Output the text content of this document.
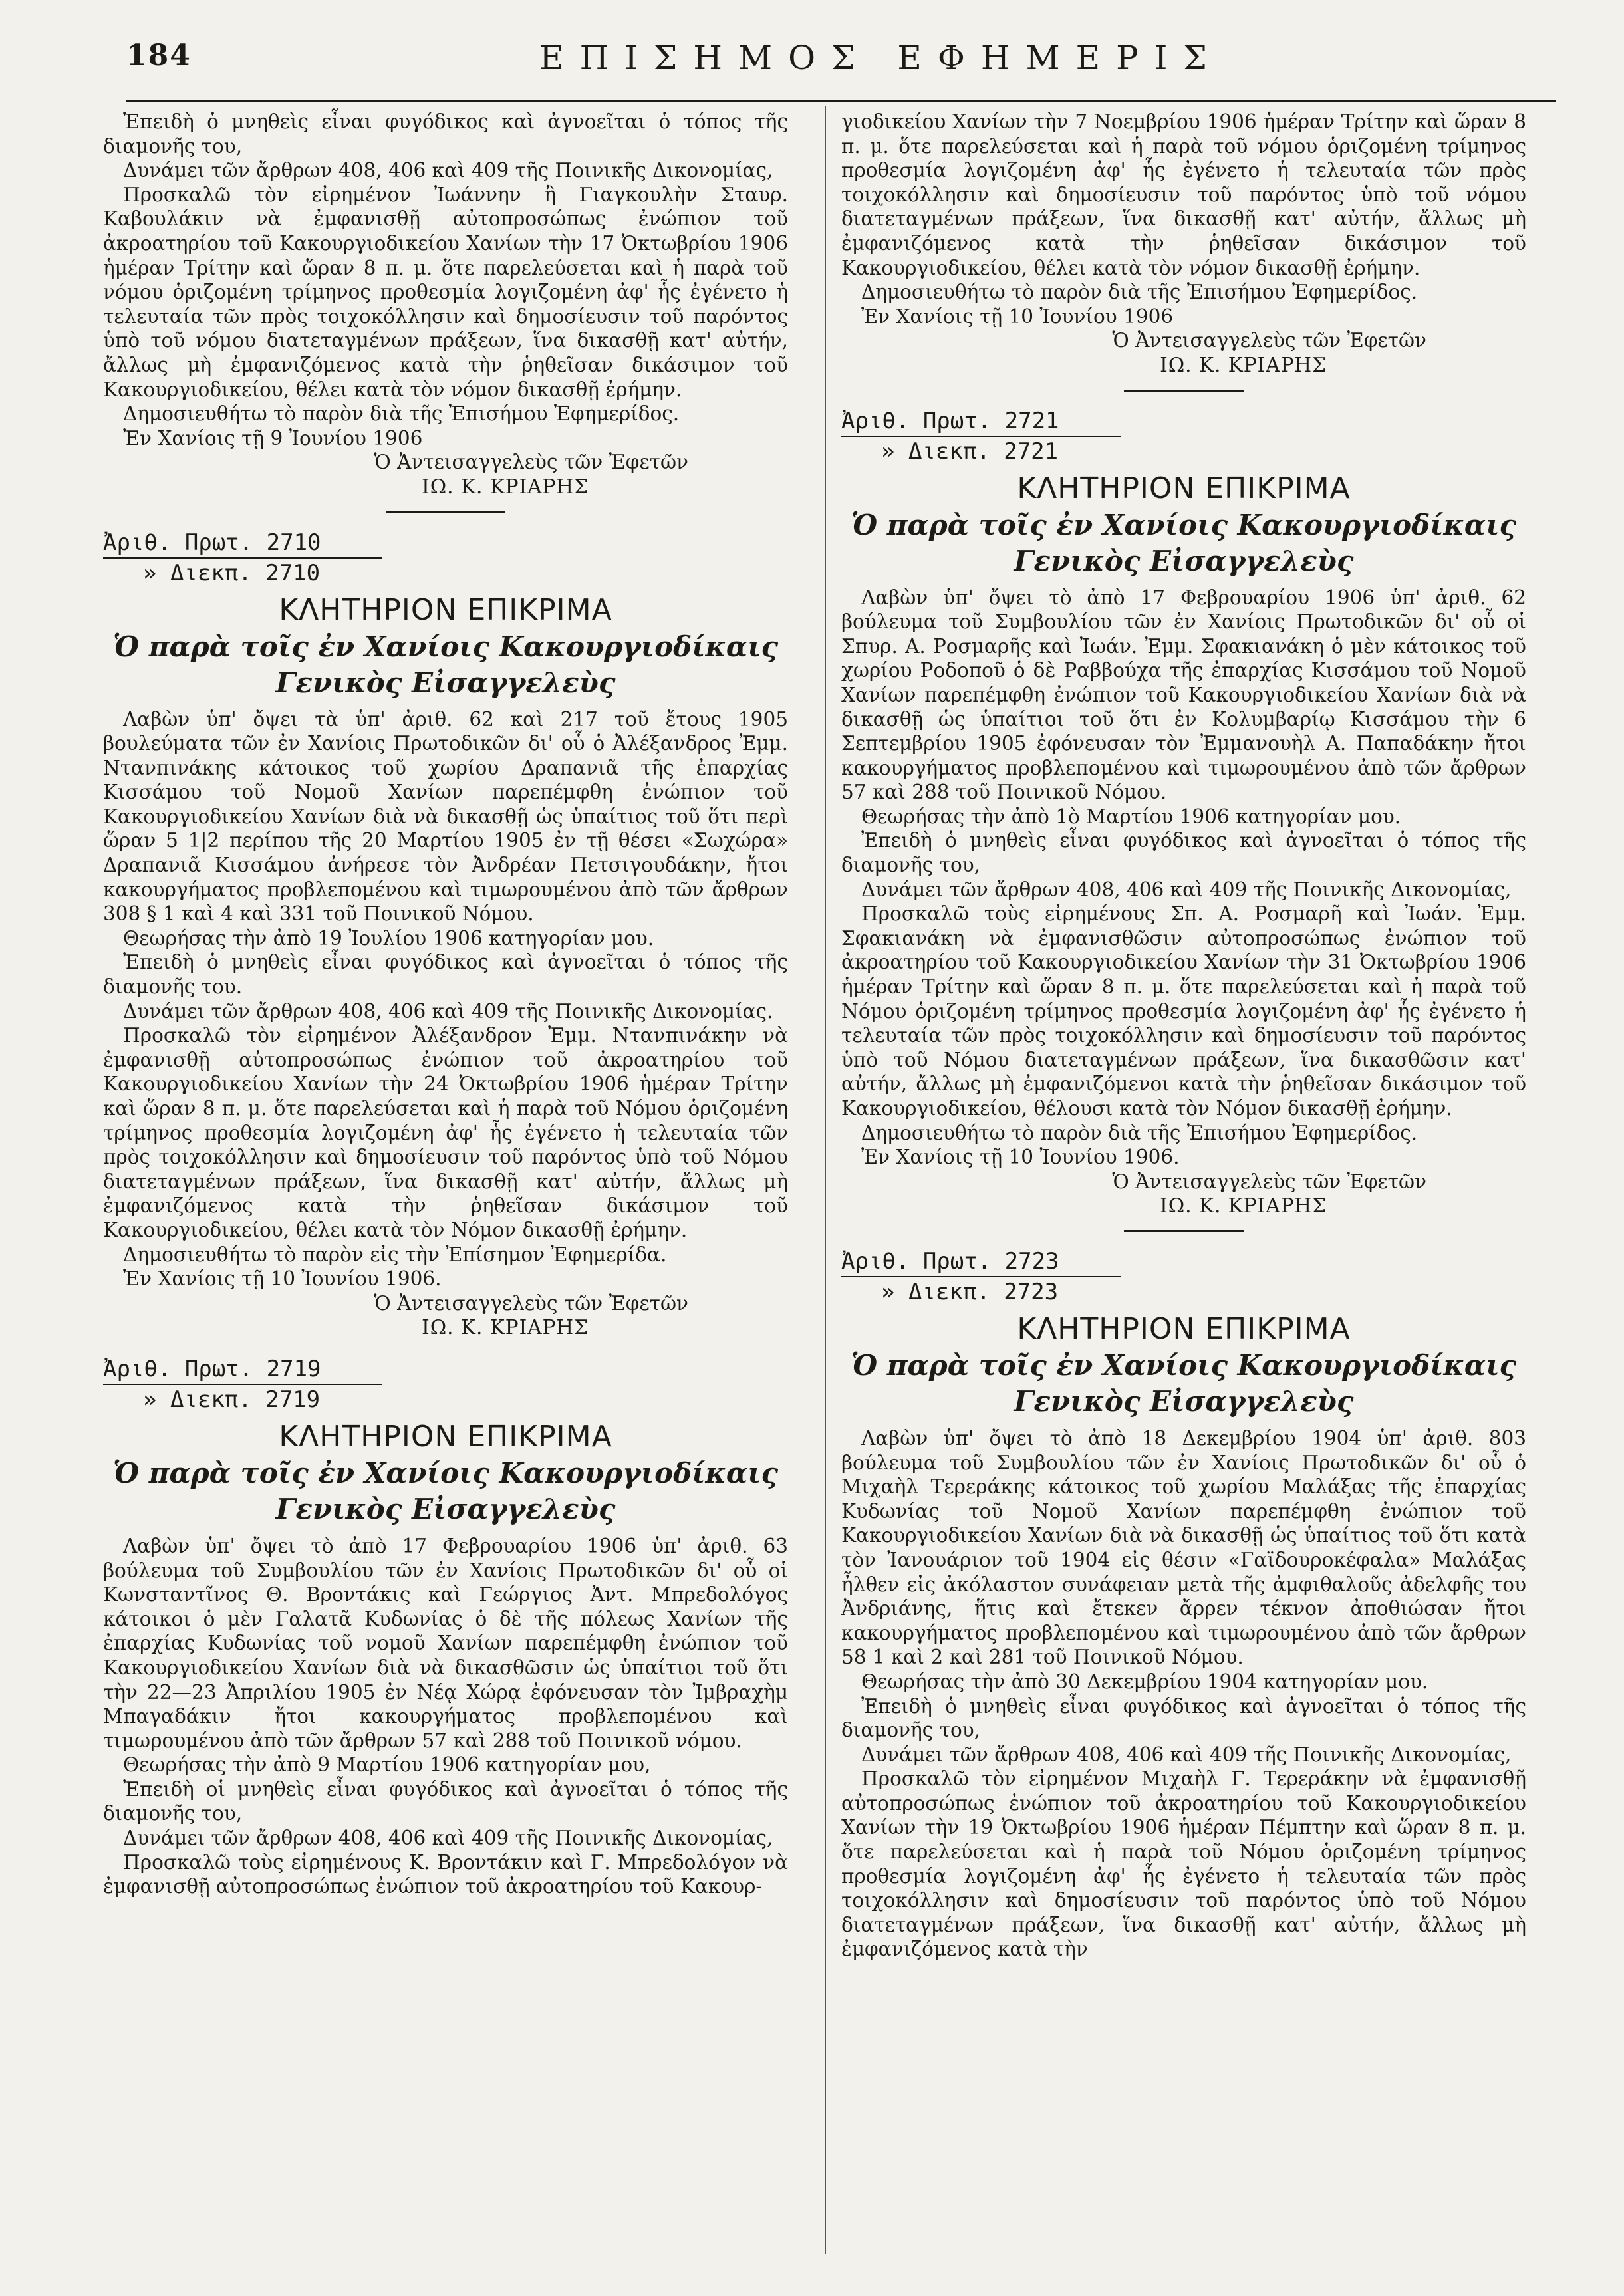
184	ΕΠΙΣΗΜΟΣ ΕΦΗΜΕΡΙΣ

Ἐπειδὴ ὁ μνηθεὶς εἶναι φυγόδικος καὶ ἀγνοεῖται ὁ τόπος τῆς διαμονῆς του,

Δυνάμει τῶν ἄρθρων 408, 406 καὶ 409 τῆς Ποινικῆς Δικονομίας,

Προσκαλῶ τὸν εἰρημένον Ἰωάννην ἢ Γιαγκουλὴν Σταυρ. Καβουλάκιν νὰ ἐμφανισθῇ αὐτοπροσώπως ἐνώπιον τοῦ ἀκροατηρίου τοῦ Κακουργιοδικείου Χανίων τὴν 17 Ὀκτωβρίου 1906 ἡμέραν Τρίτην καὶ ὥραν 8 π. μ. ὅτε παρελεύσεται καὶ ἡ παρὰ τοῦ νόμου ὁριζομένη τρίμηνος προθεσμία λογιζομένη ἀφ' ἧς ἐγένετο ἡ τελευταία τῶν πρὸς τοιχοκόλλησιν καὶ δημοσίευσιν τοῦ παρόντος ὑπὸ τοῦ νόμου διατεταγμένων πράξεων, ἵνα δικασθῇ κατ' αὐτήν, ἄλλως μὴ ἐμφανιζόμενος κατὰ τὴν ῥηθεῖσαν δικάσιμον τοῦ Κακουργιοδικείου, θέλει κατὰ τὸν νόμον δικασθῇ ἐρήμην.

Δημοσιευθήτω τὸ παρὸν διὰ τῆς Ἐπισήμου Ἐφημερίδος.

Ἐν Χανίοις τῇ 9 Ἰουνίου 1906

Ὁ Ἀντεισαγγελεὺς τῶν Ἐφετῶν

ΙΩ. Κ. ΚΡΙΑΡΗΣ

Ἀριθ. Πρωτ. 2710

» Διεκπ. 2710

ΚΛΗΤΗΡΙΟΝ ΕΠΙΚΡΙΜΑ

Ὁ παρὰ τοῖς ἐν Χανίοις Κακουργιοδίκαις

Γενικὸς Εἰσαγγελεὺς

Λαβὼν ὑπ' ὄψει τὰ ὑπ' ἀριθ. 62 καὶ 217 τοῦ ἔτους 1905 βουλεύματα τῶν ἐν Χανίοις Πρωτοδικῶν δι' οὗ ὁ Ἀλέξανδρος Ἐμμ. Ντανπινάκης κάτοικος τοῦ χωρίου Δραπανιᾶ τῆς ἐπαρχίας Κισσάμου τοῦ Νομοῦ Χανίων παρεπέμφθη ἐνώπιον τοῦ Κακουργιοδικείου Χανίων διὰ νὰ δικασθῇ ὡς ὑπαίτιος τοῦ ὅτι περὶ ὥραν 5 1|2 περίπου τῆς 20 Μαρτίου 1905 ἐν τῇ θέσει «Σωχώρα» Δραπανιᾶ Κισσάμου ἀνήρεσε τὸν Ἀνδρέαν Πετσιγουδάκην, ἤτοι κακουργήματος προβλεπομένου καὶ τιμωρουμένου ἀπὸ τῶν ἄρθρων 308 § 1 καὶ 4 καὶ 331 τοῦ Ποινικοῦ Νόμου.

Θεωρήσας τὴν ἀπὸ 19 Ἰουλίου 1906 κατηγορίαν μου.

Ἐπειδὴ ὁ μνηθεὶς εἶναι φυγόδικος καὶ ἀγνοεῖται ὁ τόπος τῆς διαμονῆς του.

Δυνάμει τῶν ἄρθρων 408, 406 καὶ 409 τῆς Ποινικῆς Δικονομίας.

Προσκαλῶ τὸν εἰρημένον Ἀλέξανδρον Ἐμμ. Ντανπινάκην νὰ ἐμφανισθῇ αὐτοπροσώπως ἐνώπιον τοῦ ἀκροατηρίου τοῦ Κακουργιοδικείου Χανίων τὴν 24 Ὀκτωβρίου 1906 ἡμέραν Τρίτην καὶ ὥραν 8 π. μ. ὅτε παρελεύσεται καὶ ἡ παρὰ τοῦ Νόμου ὁριζομένη τρίμηνος προθεσμία λογιζομένη ἀφ' ἧς ἐγένετο ἡ τελευταία τῶν πρὸς τοιχοκόλλησιν καὶ δημοσίευσιν τοῦ παρόντος ὑπὸ τοῦ Νόμου διατεταγμένων πράξεων, ἵνα δικασθῇ κατ' αὐτήν, ἄλλως μὴ ἐμφανιζόμενος κατὰ τὴν ῥηθεῖσαν δικάσιμον τοῦ Κακουργιοδικείου, θέλει κατὰ τὸν Νόμον δικασθῇ ἐρήμην.

Δημοσιευθήτω τὸ παρὸν εἰς τὴν Ἐπίσημον Ἐφημερίδα.

Ἐν Χανίοις τῇ 10 Ἰουνίου 1906.

Ὁ Ἀντεισαγγελεὺς τῶν Ἐφετῶν

ΙΩ. Κ. ΚΡΙΑΡΗΣ

Ἀριθ. Πρωτ. 2719

» Διεκπ. 2719

ΚΛΗΤΗΡΙΟΝ ΕΠΙΚΡΙΜΑ

Ὁ παρὰ τοῖς ἐν Χανίοις Κακουργιοδίκαις

Γενικὸς Εἰσαγγελεὺς

Λαβὼν ὑπ' ὄψει τὸ ἀπὸ 17 Φεβρουαρίου 1906 ὑπ' ἀριθ. 63 βούλευμα τοῦ Συμβουλίου τῶν ἐν Χανίοις Πρωτοδικῶν δι' οὗ οἱ Κωνσταντῖνος Θ. Βροντάκις καὶ Γεώργιος Ἀντ. Μπρεδολόγος κάτοικοι ὁ μὲν Γαλατᾶ Κυδωνίας ὁ δὲ τῆς πόλεως Χανίων τῆς ἐπαρχίας Κυδωνίας τοῦ νομοῦ Χανίων παρεπέμφθη ἐνώπιον τοῦ Κακουργιοδικείου Χανίων διὰ νὰ δικασθῶσιν ὡς ὑπαίτιοι τοῦ ὅτι τὴν 22—23 Ἀπριλίου 1905 ἐν Νέᾳ Χώρᾳ ἐφόνευσαν τὸν Ἰμβραχὴμ Μπαγαδάκιν ἤτοι κακουργήματος προβλεπομένου καὶ τιμωρουμένου ἀπὸ τῶν ἄρθρων 57 καὶ 288 τοῦ Ποινικοῦ νόμου.

Θεωρήσας τὴν ἀπὸ 9 Μαρτίου 1906 κατηγορίαν μου,

Ἐπειδὴ οἱ μνηθεὶς εἶναι φυγόδικος καὶ ἀγνοεῖται ὁ τόπος τῆς διαμονῆς του,

Δυνάμει τῶν ἄρθρων 408, 406 καὶ 409 τῆς Ποινικῆς Δικονομίας,

Προσκαλῶ τοὺς εἰρημένους Κ. Βροντάκιν καὶ Γ. Μπρεδολόγον νὰ ἐμφανισθῇ αὐτοπροσώπως ἐνώπιον τοῦ ἀκροατηρίου τοῦ Κακουρ-

γιοδικείου Χανίων τὴν 7 Νοεμβρίου 1906 ἡμέραν Τρίτην καὶ ὥραν 8 π. μ. ὅτε παρελεύσεται καὶ ἡ παρὰ τοῦ νόμου ὁριζομένη τρίμηνος προθεσμία λογιζομένη ἀφ' ἧς ἐγένετο ἡ τελευταία τῶν πρὸς τοιχοκόλλησιν καὶ δημοσίευσιν τοῦ παρόντος ὑπὸ τοῦ νόμου διατεταγμένων πράξεων, ἵνα δικασθῇ κατ' αὐτήν, ἄλλως μὴ ἐμφανιζόμενος κατὰ τὴν ῥηθεῖσαν δικάσιμον τοῦ Κακουργιοδικείου, θέλει κατὰ τὸν νόμον δικασθῇ ἐρήμην.

Δημοσιευθήτω τὸ παρὸν διὰ τῆς Ἐπισήμου Ἐφημερίδος.

Ἐν Χανίοις τῇ 10 Ἰουνίου 1906

Ὁ Ἀντεισαγγελεὺς τῶν Ἐφετῶν

ΙΩ. Κ. ΚΡΙΑΡΗΣ

Ἀριθ. Πρωτ. 2721

» Διεκπ. 2721

ΚΛΗΤΗΡΙΟΝ ΕΠΙΚΡΙΜΑ

Ὁ παρὰ τοῖς ἐν Χανίοις Κακουργιοδίκαις

Γενικὸς Εἰσαγγελεὺς

Λαβὼν ὑπ' ὄψει τὸ ἀπὸ 17 Φεβρουαρίου 1906 ὑπ' ἀριθ. 62 βούλευμα τοῦ Συμβουλίου τῶν ἐν Χανίοις Πρωτοδικῶν δι' οὗ οἱ Σπυρ. Α. Ροσμαρῆς καὶ Ἰωάν. Ἐμμ. Σφακιανάκη ὁ μὲν κάτοικος τοῦ χωρίου Ροδοποῦ ὁ δὲ Ραββούχα τῆς ἐπαρχίας Κισσάμου τοῦ Νομοῦ Χανίων παρεπέμφθη ἐνώπιον τοῦ Κακουργιοδικείου Χανίων διὰ νὰ δικασθῇ ὡς ὑπαίτιοι τοῦ ὅτι ἐν Κολυμβαρίῳ Κισσάμου τὴν 6 Σεπτεμβρίου 1905 ἐφόνευσαν τὸν Ἐμμανουὴλ Α. Παπαδάκην ἤτοι κακουργήματος προβλεπομένου καὶ τιμωρουμένου ἀπὸ τῶν ἄρθρων 57 καὶ 288 τοῦ Ποινικοῦ Νόμου.

Θεωρήσας τὴν ἀπὸ 1ὸ Μαρτίου 1906 κατηγορίαν μου.

Ἐπειδὴ ὁ μνηθεὶς εἶναι φυγόδικος καὶ ἀγνοεῖται ὁ τόπος τῆς διαμονῆς του,

Δυνάμει τῶν ἄρθρων 408, 406 καὶ 409 τῆς Ποινικῆς Δικονομίας,

Προσκαλῶ τοὺς εἰρημένους Σπ. Α. Ροσμαρῆ καὶ Ἰωάν. Ἐμμ. Σφακιανάκη νὰ ἐμφανισθῶσιν αὐτοπροσώπως ἐνώπιον τοῦ ἀκροατηρίου τοῦ Κακουργιοδικείου Χανίων τὴν 31 Ὀκτωβρίου 1906 ἡμέραν Τρίτην καὶ ὥραν 8 π. μ. ὅτε παρελεύσεται καὶ ἡ παρὰ τοῦ Νόμου ὁριζομένη τρίμηνος προθεσμία λογιζομένη ἀφ' ἧς ἐγένετο ἡ τελευταία τῶν πρὸς τοιχοκόλλησιν καὶ δημοσίευσιν τοῦ παρόντος ὑπὸ τοῦ Νόμου διατεταγμένων πράξεων, ἵνα δικασθῶσιν κατ' αὐτήν, ἄλλως μὴ ἐμφανιζόμενοι κατὰ τὴν ῥηθεῖσαν δικάσιμον τοῦ Κακουργιοδικείου, θέλουσι κατὰ τὸν Νόμον δικασθῇ ἐρήμην.

Δημοσιευθήτω τὸ παρὸν διὰ τῆς Ἐπισήμου Ἐφημερίδος.

Ἐν Χανίοις τῇ 10 Ἰουνίου 1906.

Ὁ Ἀντεισαγγελεὺς τῶν Ἐφετῶν

ΙΩ. Κ. ΚΡΙΑΡΗΣ

Ἀριθ. Πρωτ. 2723

» Διεκπ. 2723

ΚΛΗΤΗΡΙΟΝ ΕΠΙΚΡΙΜΑ

Ὁ παρὰ τοῖς ἐν Χανίοις Κακουργιοδίκαις

Γενικὸς Εἰσαγγελεὺς

Λαβὼν ὑπ' ὄψει τὸ ἀπὸ 18 Δεκεμβρίου 1904 ὑπ' ἀριθ. 803 βούλευμα τοῦ Συμβουλίου τῶν ἐν Χανίοις Πρωτοδικῶν δι' οὗ ὁ Μιχαὴλ Τερεράκης κάτοικος τοῦ χωρίου Μαλάξας τῆς ἐπαρχίας Κυδωνίας τοῦ Νομοῦ Χανίων παρεπέμφθη ἐνώπιον τοῦ Κακουργιοδικείου Χανίων διὰ νὰ δικασθῇ ὡς ὑπαίτιος τοῦ ὅτι κατὰ τὸν Ἰανουάριον τοῦ 1904 εἰς θέσιν «Γαϊδουροκέφαλα» Μαλάξας ἦλθεν εἰς ἀκόλαστον συνάφειαν μετὰ τῆς ἀμφιθαλοῦς ἀδελφῆς του Ἀνδριάνης, ἥτις καὶ ἔτεκεν ἄρρεν τέκνον ἀποθιώσαν ἤτοι κακουργήματος προβλεπομένου καὶ τιμωρουμένου ἀπὸ τῶν ἄρθρων 58 1 καὶ 2 καὶ 281 τοῦ Ποινικοῦ Νόμου.

Θεωρήσας τὴν ἀπὸ 30 Δεκεμβρίου 1904 κατηγορίαν μου.

Ἐπειδὴ ὁ μνηθεὶς εἶναι φυγόδικος καὶ ἀγνοεῖται ὁ τόπος τῆς διαμονῆς του,

Δυνάμει τῶν ἄρθρων 408, 406 καὶ 409 τῆς Ποινικῆς Δικονομίας,

Προσκαλῶ τὸν εἰρημένον Μιχαὴλ Γ. Τερεράκην νὰ ἐμφανισθῇ αὐτοπροσώπως ἐνώπιον τοῦ ἀκροατηρίου τοῦ Κακουργιοδικείου Χανίων τὴν 19 Ὀκτωβρίου 1906 ἡμέραν Πέμπτην καὶ ὥραν 8 π. μ. ὅτε παρελεύσεται καὶ ἡ παρὰ τοῦ Νόμου ὁριζομένη τρίμηνος προθεσμία λογιζομένη ἀφ' ἧς ἐγένετο ἡ τελευταία τῶν πρὸς τοιχοκόλλησιν καὶ δημοσίευσιν τοῦ παρόντος ὑπὸ τοῦ Νόμου διατεταγμένων πράξεων, ἵνα δικασθῇ κατ' αὐτήν, ἄλλως μὴ ἐμφανιζόμενος κατὰ τὴν
